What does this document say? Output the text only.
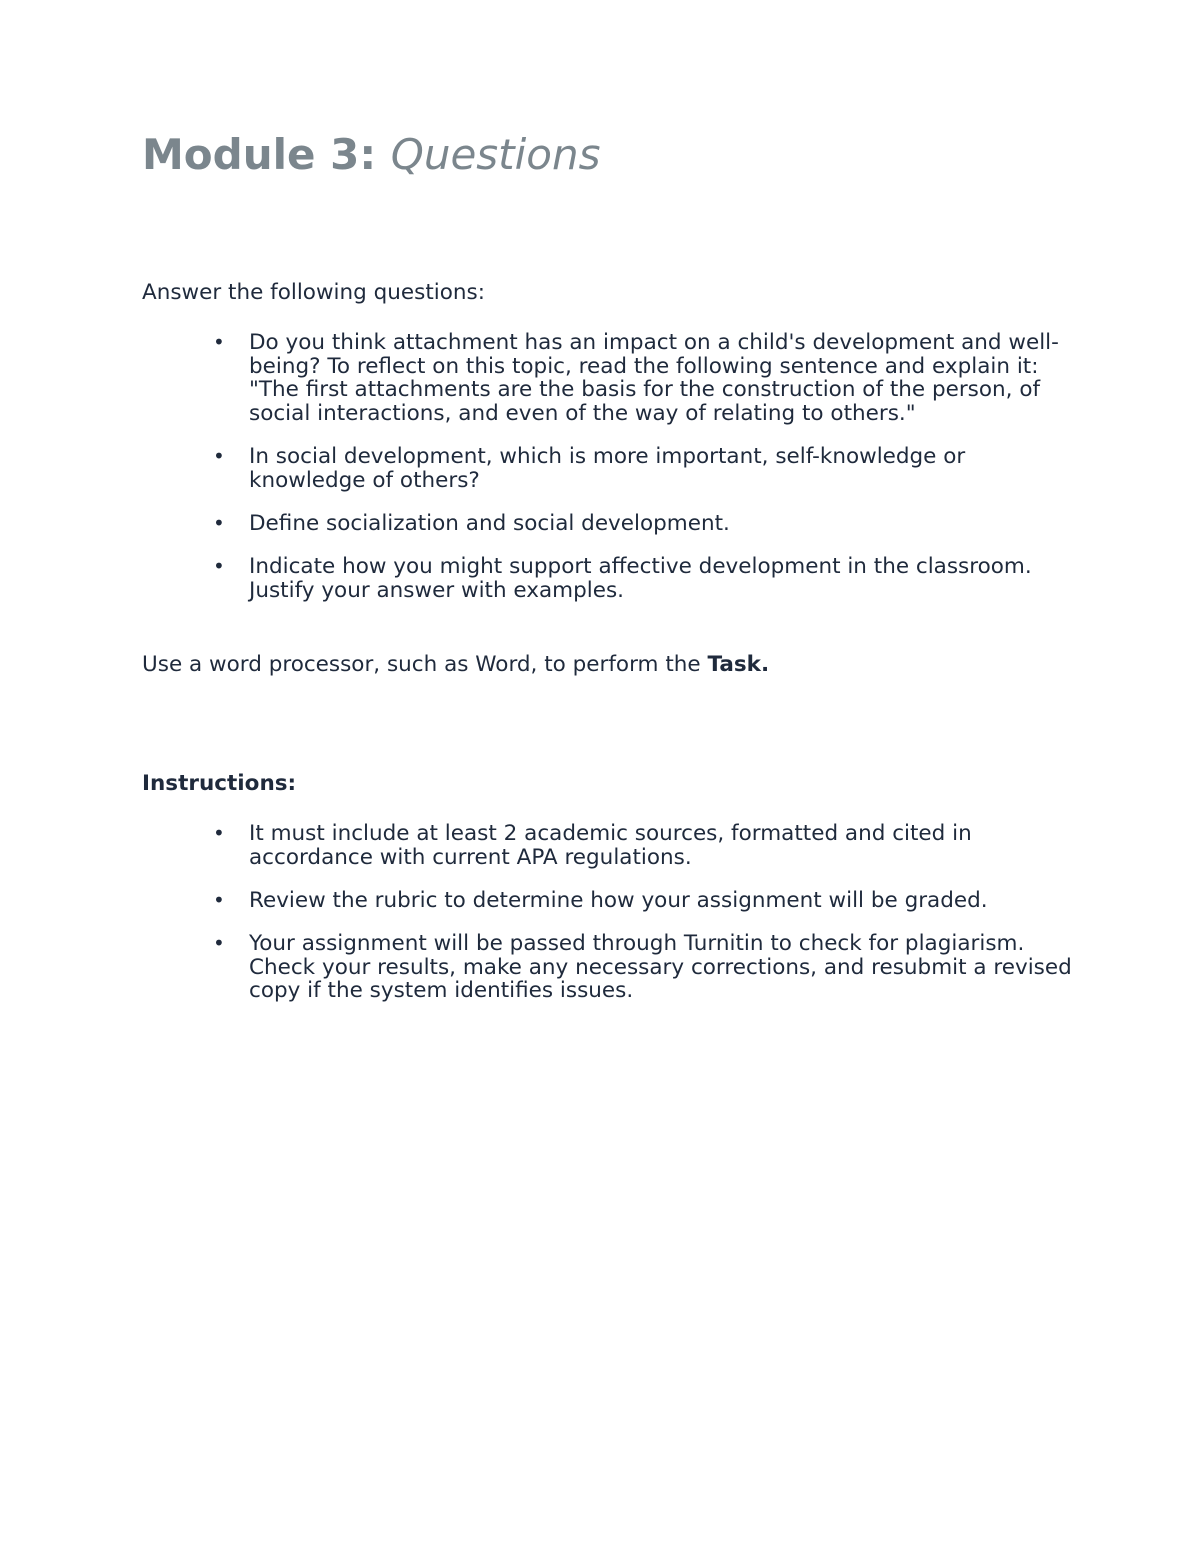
Module 3: Questions

Answer the following questions:

• Do you think attachment has an impact on a child's development and well-being? To reflect on this topic, read the following sentence and explain it: "The first attachments are the basis for the construction of the person, of social interactions, and even of the way of relating to others."
• In social development, which is more important, self-knowledge or knowledge of others?
• Define socialization and social development.
• Indicate how you might support affective development in the classroom. Justify your answer with examples.

Use a word processor, such as Word, to perform the Task.

Instructions:

• It must include at least 2 academic sources, formatted and cited in accordance with current APA regulations.
• Review the rubric to determine how your assignment will be graded.
• Your assignment will be passed through Turnitin to check for plagiarism. Check your results, make any necessary corrections, and resubmit a revised copy if the system identifies issues.
